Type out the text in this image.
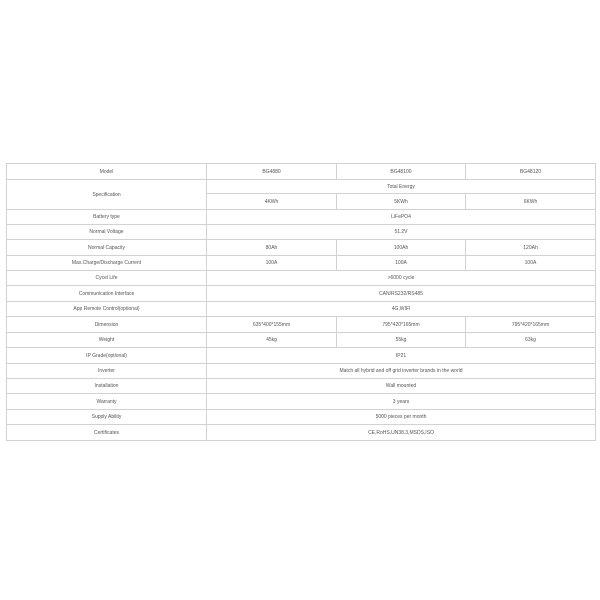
Model	BG4880	BG48100	BG48120
Specification	Total Energy		
	4KWh	5KWh	6KWh
Battery type	LiFePO4		
Normal Voltage	51.2V		
Normal Capacity	80Ah	100Ah	120Ah
Max.Charge/Discharge Current	100A	100A	100A
Cycel Life	>6000 cycle		
Communication Interface	CAN/RS232/RS485		
App Remote Control(optional)	4G,WIFI		
Dimension	635*400*155mm	795*420*165mm	795*420*165mm
Weight	45kg	55kg	63kg
IP Grade(optional)	IP21		
Inverter	Match all hybrid and off grid inverter brands in the world		
Installation	Wall mounted		
Warranty	3 years		
Supply Ability	5000 pieces per month		
Certificates	CE,RoHS,UN38.3,MSDS,ISO		
